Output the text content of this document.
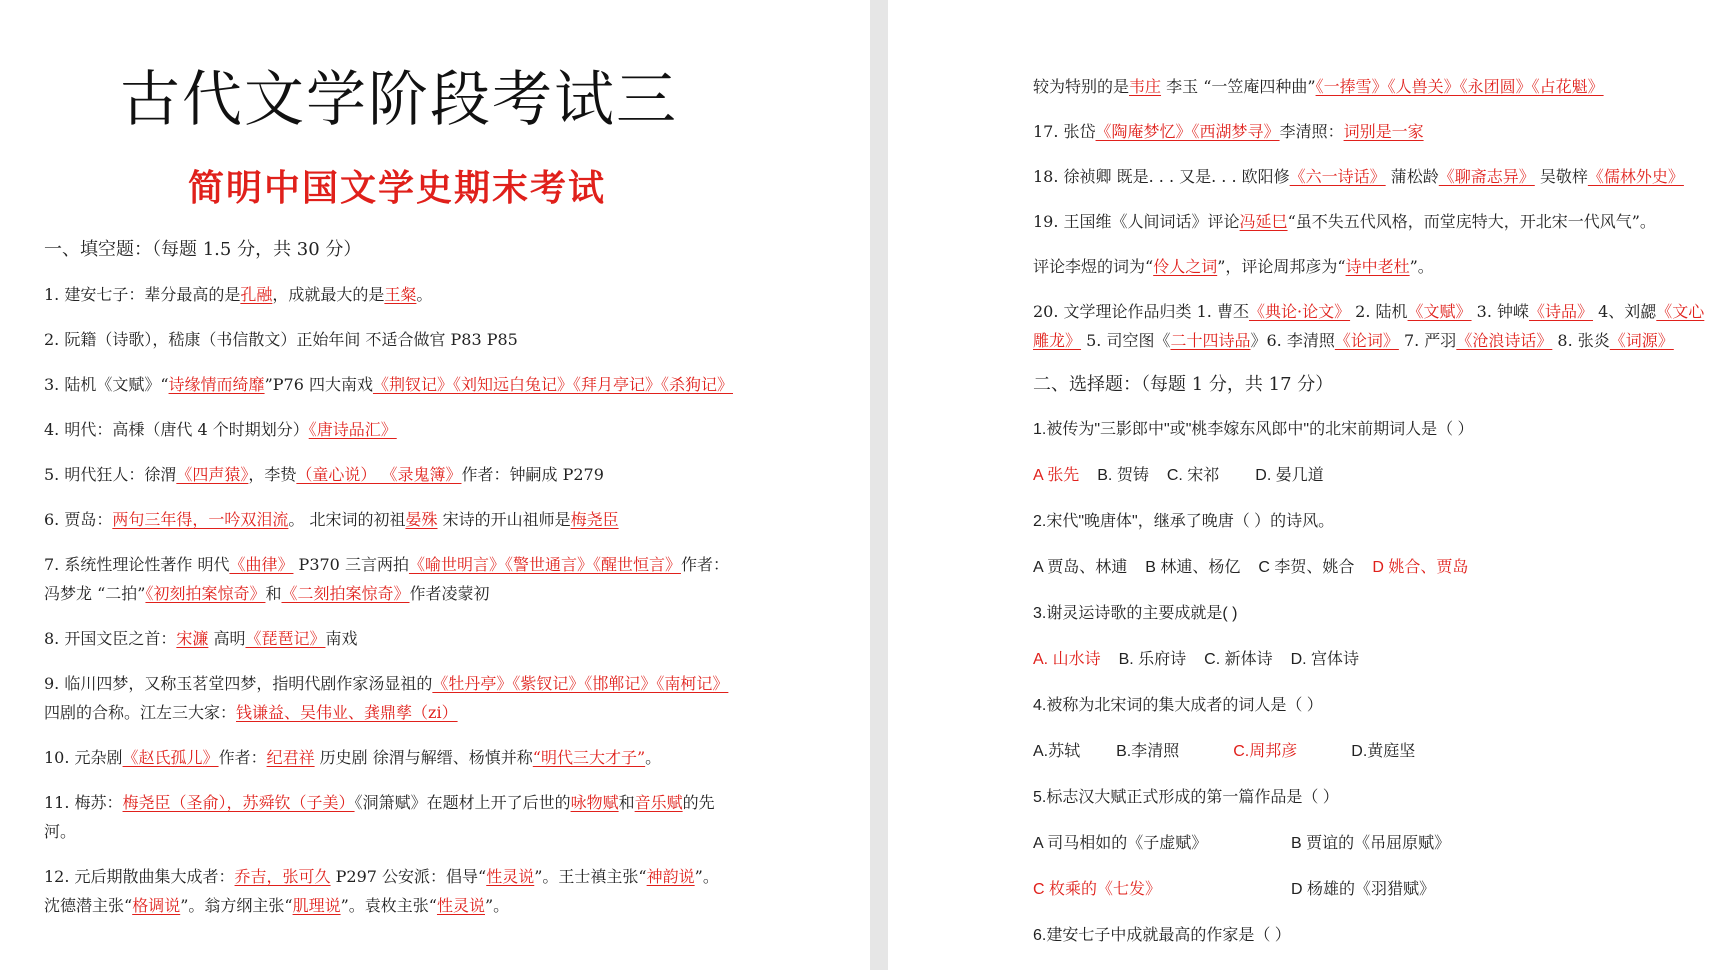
古代文学阶段考试三
简明中国文学史期末考试

一、填空题：（每题 1.5 分，共 30 分）

1. 建安七子：辈分最高的是孔融，成就最大的是王粲。

2. 阮籍（诗歌），嵇康（书信散文）正始年间 不适合做官 P83 P85

3. 陆机《文赋》“诗缘情而绮靡”P76 四大南戏《荆钗记》《刘知远白兔记》《拜月亭记》《杀狗记》

4. 明代：高棅（唐代 4 个时期划分）《唐诗品汇》

5. 明代狂人：徐渭《四声猿》，李贽（童心说） 《录鬼簿》作者：钟嗣成 P279

6. 贾岛：两句三年得，一吟双泪流。 北宋词的初祖晏殊 宋诗的开山祖师是梅尧臣

7. 系统性理论性著作 明代《曲律》 P370 三言两拍《喻世明言》《警世通言》《醒世恒言》作者：冯梦龙 “二拍”《初刻拍案惊奇》和《二刻拍案惊奇》作者凌蒙初

8. 开国文臣之首：宋濂 高明《琵琶记》南戏

9. 临川四梦，又称玉茗堂四梦，指明代剧作家汤显祖的《牡丹亭》《紫钗记》《邯郸记》《南柯记》四剧的合称。江左三大家：钱谦益、吴伟业、龚鼎孳（zi）

10. 元杂剧《赵氏孤儿》作者：纪君祥 历史剧 徐渭与解缙、杨慎并称“明代三大才子”。

11. 梅苏：梅尧臣（圣俞），苏舜钦（子美）《洞箫赋》在题材上开了后世的咏物赋和音乐赋的先河。

12. 元后期散曲集大成者：乔吉，张可久 P297 公安派：倡导“性灵说”。王士禛主张“神韵说”。沈德潜主张“格调说”。翁方纲主张“肌理说”。袁枚主张“性灵说”。

较为特别的是韦庄 李玉 “一笠庵四种曲”《一捧雪》《人兽关》《永团圆》《占花魁》

17. 张岱《陶庵梦忆》《西湖梦寻》李清照：词别是一家

18. 徐祯卿 既是. . . 又是. . . 欧阳修《六一诗话》 蒲松龄《聊斋志异》 吴敬梓《儒林外史》

19. 王国维《人间词话》评论冯延巳“虽不失五代风格，而堂庑特大，开北宋一代风气”。

评论李煜的词为“伶人之词”，评论周邦彦为“诗中老杜”。

20. 文学理论作品归类 1. 曹丕《典论·论文》 2. 陆机《文赋》 3. 钟嵘《诗品》 4、刘勰《文心雕龙》 5. 司空图《二十四诗品》6. 李清照《论词》 7. 严羽《沧浪诗话》 8. 张炎《词源》

二、选择题：（每题 1 分，共 17 分）

1.被传为"三影郎中"或"桃李嫁东风郎中"的北宋前期词人是（ ）

A 张先 B. 贺铸 C. 宋祁 D. 晏几道

2.宋代"晚唐体"，继承了晚唐（ ）的诗风。

A 贾岛、林逋 B 林逋、杨亿 C 李贺、姚合 D 姚合、贾岛

3.谢灵运诗歌的主要成就是( )

A. 山水诗 B. 乐府诗 C. 新体诗 D. 宫体诗

4.被称为北宋词的集大成者的词人是（ ）

A.苏轼 B.李清照	C.周邦彦	D.黄庭坚

5.标志汉大赋正式形成的第一篇作品是（ ）

A 司马相如的《子虚赋》	B 贾谊的《吊屈原赋》

C 枚乘的《七发》	D 杨雄的《羽猎赋》

6.建安七子中成就最高的作家是（ ）
